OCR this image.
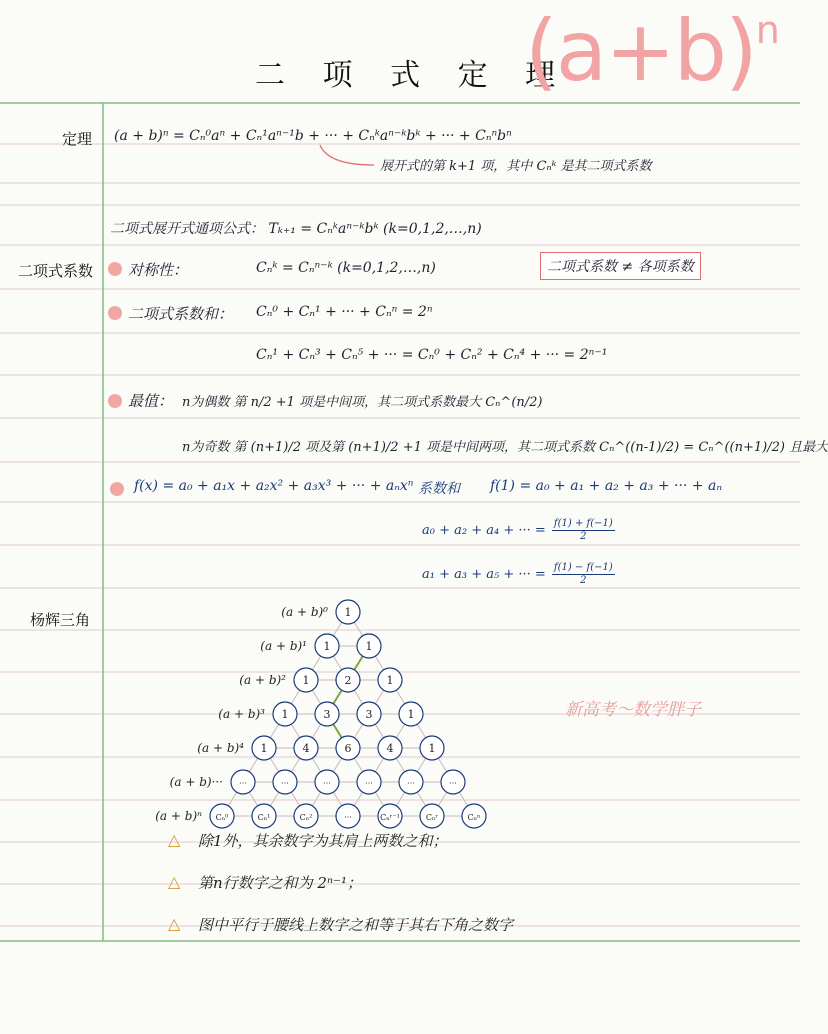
二 项 式 定 理
$(a+b)^n$
定理
二项式系数
杨辉三角
(a + b)ⁿ = Cₙ⁰aⁿ + Cₙ¹aⁿ⁻¹b + ··· + Cₙᵏaⁿ⁻ᵏbᵏ + ··· + Cₙⁿbⁿ
展开式的第 k+1 项，其中 Cₙᵏ 是其二项式系数
二项式展开式通项公式： Tₖ₊₁ = Cₙᵏaⁿ⁻ᵏbᵏ (k=0,1,2,…,n)
二项式系数 ≠ 各项系数
对称性：	Cₙᵏ = Cₙⁿ⁻ᵏ (k=0,1,2,…,n)
二项式系数和： Cₙ⁰ + Cₙ¹ + ··· + Cₙⁿ = 2ⁿ
Cₙ¹ + Cₙ³ + Cₙ⁵ + ··· = Cₙ⁰ + Cₙ² + Cₙ⁴ + ··· = 2ⁿ⁻¹
最值： n为偶数 第 n/2 +1 项是中间项，其二项式系数最大 Cₙ^(n/2)
n为奇数 第 (n+1)/2 项及第 (n+1)/2 +1 项是中间两项，其二项式系数 Cₙ^((n-1)/2) = Cₙ^((n+1)/2) 且最大
f(x) = a₀ + a₁x + a₂x² + a₃x³ + ··· + aₙxⁿ 系数和 f(1) = a₀ + a₁ + a₂ + a₃ + ··· + aₙ
a₀ + a₂ + a₄ + ··· = $\frac{f(1) + f(-1)}{2}$
a₁ + a₃ + a₅ + ··· = $\frac{f(1) - f(-1)}{2}$
1
(a + b)⁰
1	1
(a + b)¹
1	2	1
(a + b)²
1	3	3	1
(a + b)³
1	4	6	4	1
(a + b)⁴
···	···	···	···	···	···
(a + b)···
Cₙ⁰	Cₙ¹	Cₙ²	···	Cₙʳ⁻¹	Cₙʳ	Cₙⁿ
(a + b)ⁿ
△ 除1外，其余数字为其肩上两数之和；
△ 第n行数字之和为 2ⁿ⁻¹；
△ 图中平行于腰线上数字之和等于其右下角之数字
新高考～数学胖子
